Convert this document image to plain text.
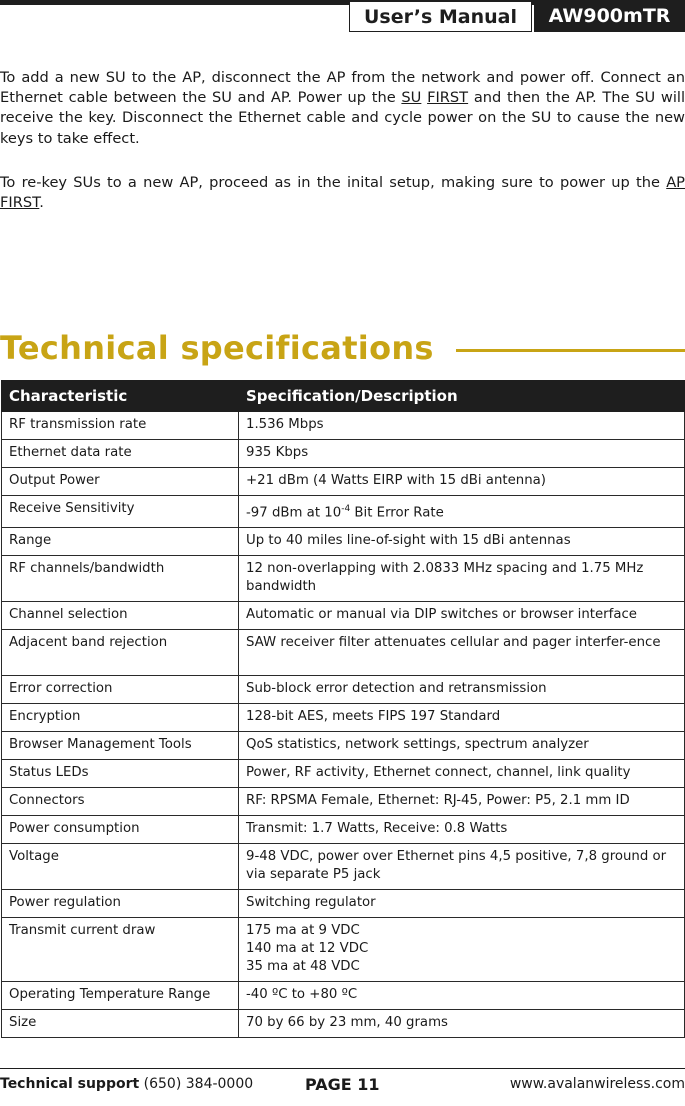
User’s Manual	AW900mTR

To add a new SU to the AP, disconnect the AP from the network and power off. Connect an Ethernet cable between the SU and AP. Power up the SU FIRST and then the AP. The SU will receive the key. Disconnect the Ethernet cable and cycle power on the SU to cause the new keys to take effect.

To re-key SUs to a new AP, proceed as in the inital setup, making sure to power up the AP FIRST.

Technical specifications
Characteristic	Specification/Description
RF transmission rate	1.536 Mbps
Ethernet data rate	935 Kbps
Output Power	+21 dBm (4 Watts EIRP with 15 dBi antenna)
Receive Sensitivity	-97 dBm at $10^{-4}$ Bit Error Rate
Range	Up to 40 miles line-of-sight with 15 dBi antennas
RF channels/bandwidth	12 non-overlapping with 2.0833 MHz spacing and 1.75 MHz bandwidth
Channel selection	Automatic or manual via DIP switches or browser interface
Adjacent band rejection	SAW receiver filter attenuates cellular and pager interfer-ence
Error correction	Sub-block error detection and retransmission
Encryption	128-bit AES, meets FIPS 197 Standard
Browser Management Tools	QoS statistics, network settings, spectrum analyzer
Status LEDs	Power, RF activity, Ethernet connect, channel, link quality
Connectors	RF: RPSMA Female, Ethernet: RJ-45, Power: P5, 2.1 mm ID
Power consumption	Transmit: 1.7 Watts, Receive: 0.8 Watts
Voltage	9-48 VDC, power over Ethernet pins 4,5 positive, 7,8 ground or via separate P5 jack
Power regulation	Switching regulator
Transmit current draw	175 ma at 9 VDC
140 ma at 12 VDC
35 ma at 48 VDC

Operating Temperature Range	-40 ºC to +80 ºC
Size	70 by 66 by 23 mm, 40 grams
Technical support (650) 384-0000	PAGE 11	www.avalanwireless.com
